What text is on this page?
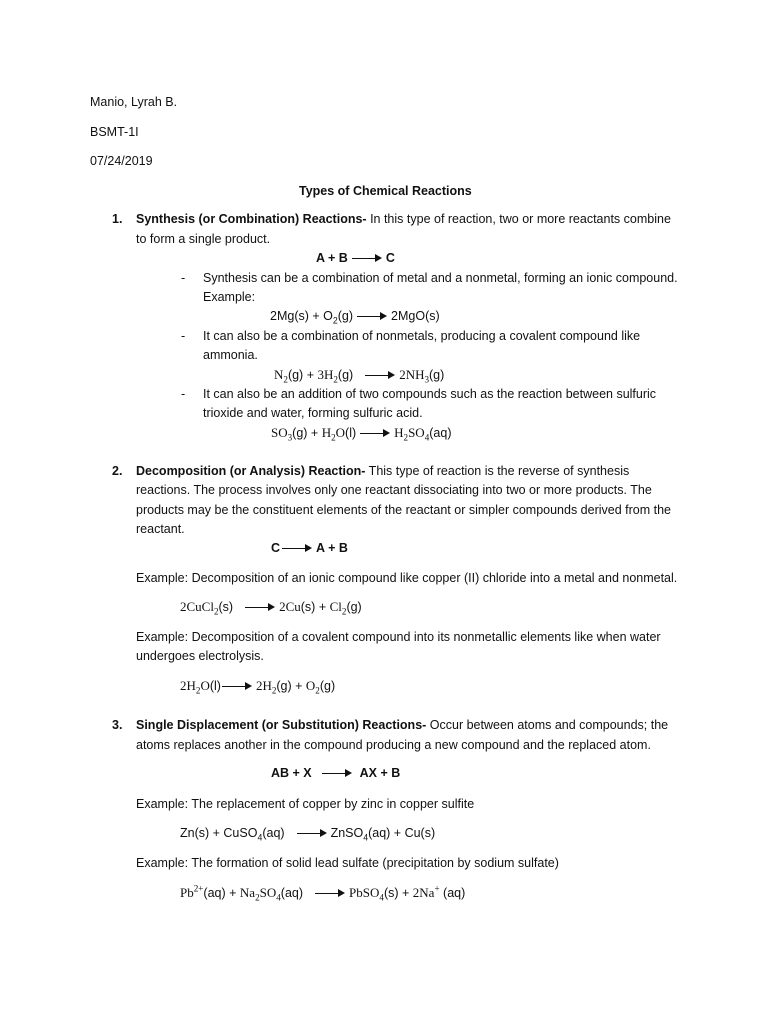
Manio, Lyrah B.
BSMT-1I
07/24/2019
Types of Chemical Reactions
1. Synthesis (or Combination) Reactions- In this type of reaction, two or more reactants combine
to form a single product.
A + B	C
- Synthesis can be a combination of metal and a nonmetal, forming an ionic compound.
Example:
$2Mg(s) + O_2(g)$	2MgO(s)
- It can also be a combination of nonmetals, producing a covalent compound like
ammonia.
$N_2(g) + 3H_2(g)$	$2NH_3(g)$
- It can also be an addition of two compounds such as the reaction between sulfuric
trioxide and water, forming sulfuric acid.
$SO_3(g) + H_2O(l)$	$H_2SO_4(aq)$
2. Decomposition (or Analysis) Reaction- This type of reaction is the reverse of synthesis
reactions. The process involves only one reactant dissociating into two or more products. The
products may be the constituent elements of the reactant or simpler compounds derived from the
reactant.
C	A + B
Example: Decomposition of an ionic compound like copper (II) chloride into a metal and nonmetal.
2CuCl$_2$(s)	$2Cu(s) + Cl_2(g)$
Example: Decomposition of a covalent compound into its nonmetallic elements like when water
undergoes electrolysis.
$2H_2O(l)$	$2H_2(g) + O_2(g)$
3. Single Displacement (or Substitution) Reactions- Occur between atoms and compounds; the
atoms replaces another in the compound producing a new compound and the replaced atom.
AB + X	AX + B
Example: The replacement of copper by zinc in copper sulfite
Zn(s) + CuSO$_4$(aq)	ZnSO$_4$(aq) + Cu(s)
Example: The formation of solid lead sulfate (precipitation by sodium sulfate)
$Pb^{2+}(aq) + Na_2SO_4(aq)$	PbSO$_4$(s) + 2Na+ (aq)
